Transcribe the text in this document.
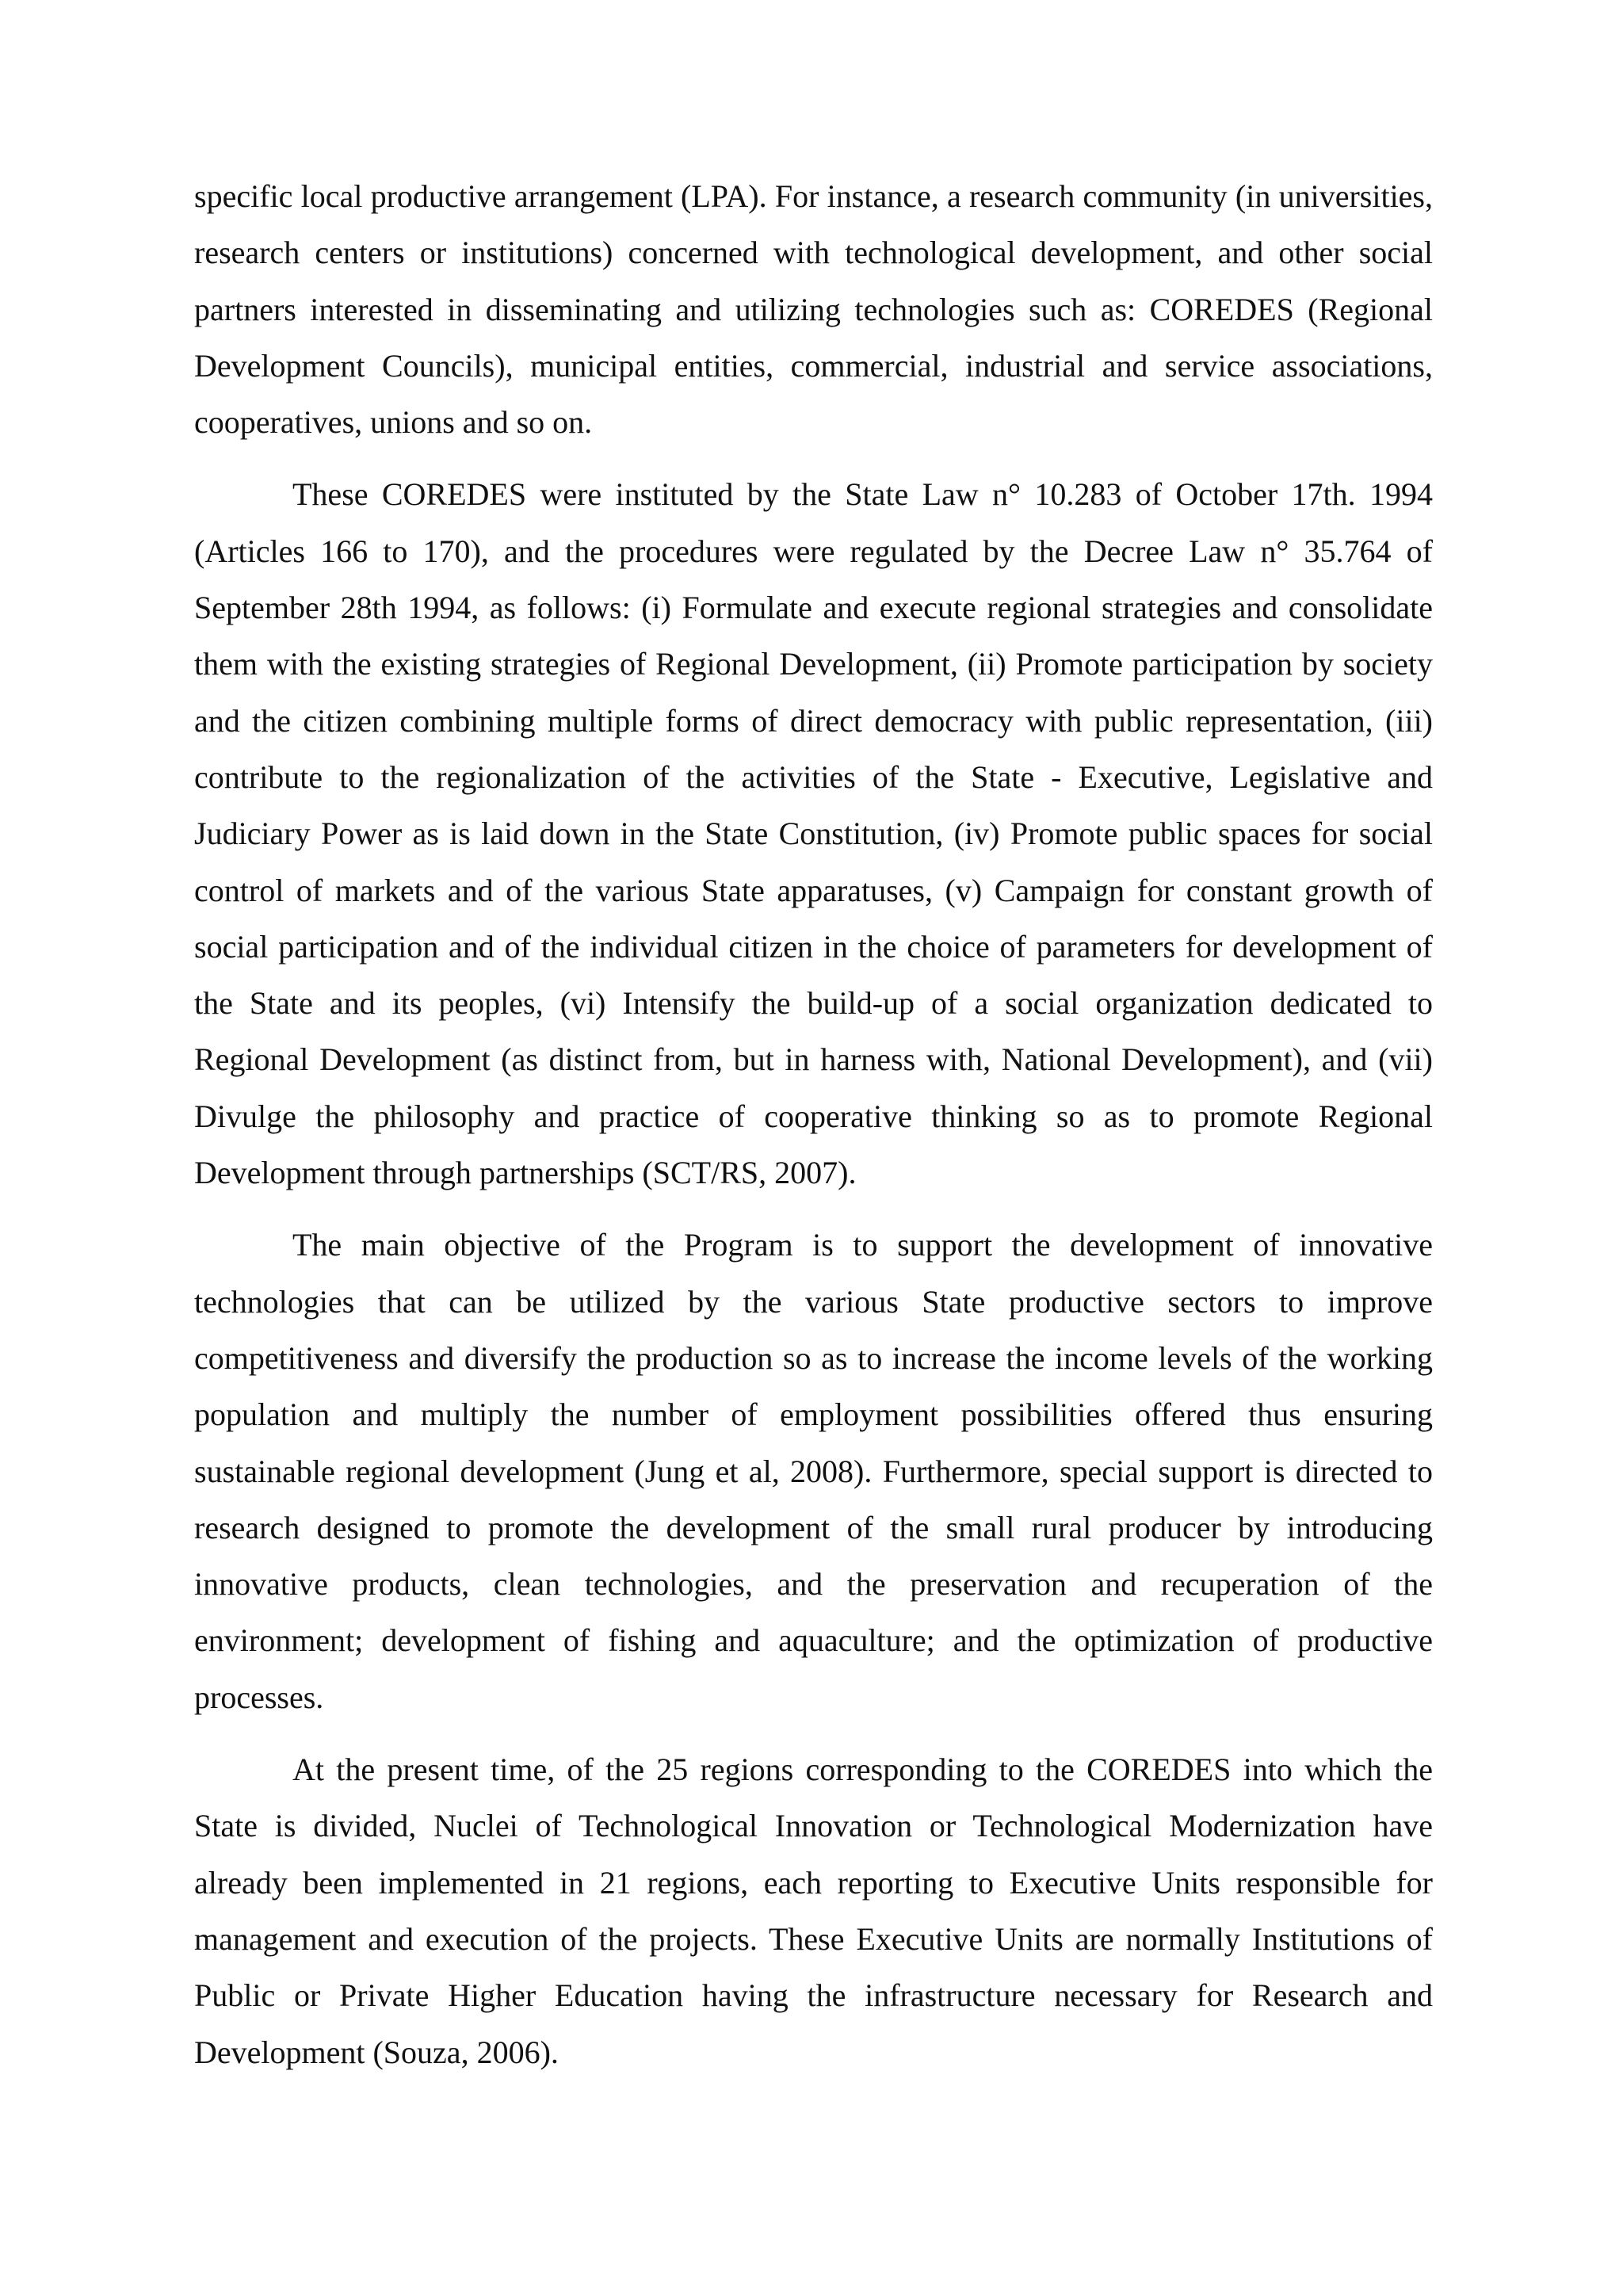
specific local productive arrangement (LPA). For instance, a research community (in universities, research centers or institutions) concerned with technological development, and other social partners interested in disseminating and utilizing technologies such as: COREDES (Regional Development Councils), municipal entities, commercial, industrial and service associations, cooperatives, unions and so on.

These COREDES were instituted by the State Law n° 10.283 of October 17th. 1994 (Articles 166 to 170), and the procedures were regulated by the Decree Law n° 35.764 of September 28th 1994, as follows: (i) Formulate and execute regional strategies and consolidate them with the existing strategies of Regional Development, (ii) Promote participation by society and the citizen combining multiple forms of direct democracy with public representation, (iii) contribute to the regionalization of the activities of the State - Executive, Legislative and Judiciary Power as is laid down in the State Constitution, (iv) Promote public spaces for social control of markets and of the various State apparatuses, (v) Campaign for constant growth of social participation and of the individual citizen in the choice of parameters for development of the State and its peoples, (vi) Intensify the build-up of a social organization dedicated to Regional Development (as distinct from, but in harness with, National Development), and (vii) Divulge the philosophy and practice of cooperative thinking so as to promote Regional Development through partnerships (SCT/RS, 2007).

The main objective of the Program is to support the development of innovative technologies that can be utilized by the various State productive sectors to improve competitiveness and diversify the production so as to increase the income levels of the working population and multiply the number of employment possibilities offered thus ensuring sustainable regional development (Jung et al, 2008). Furthermore, special support is directed to research designed to promote the development of the small rural producer by introducing innovative products, clean technologies, and the preservation and recuperation of the environment; development of fishing and aquaculture; and the optimization of productive processes.

At the present time, of the 25 regions corresponding to the COREDES into which the State is divided, Nuclei of Technological Innovation or Technological Modernization have already been implemented in 21 regions, each reporting to Executive Units responsible for management and execution of the projects. These Executive Units are normally Institutions of Public or Private Higher Education having the infrastructure necessary for Research and Development (Souza, 2006).
